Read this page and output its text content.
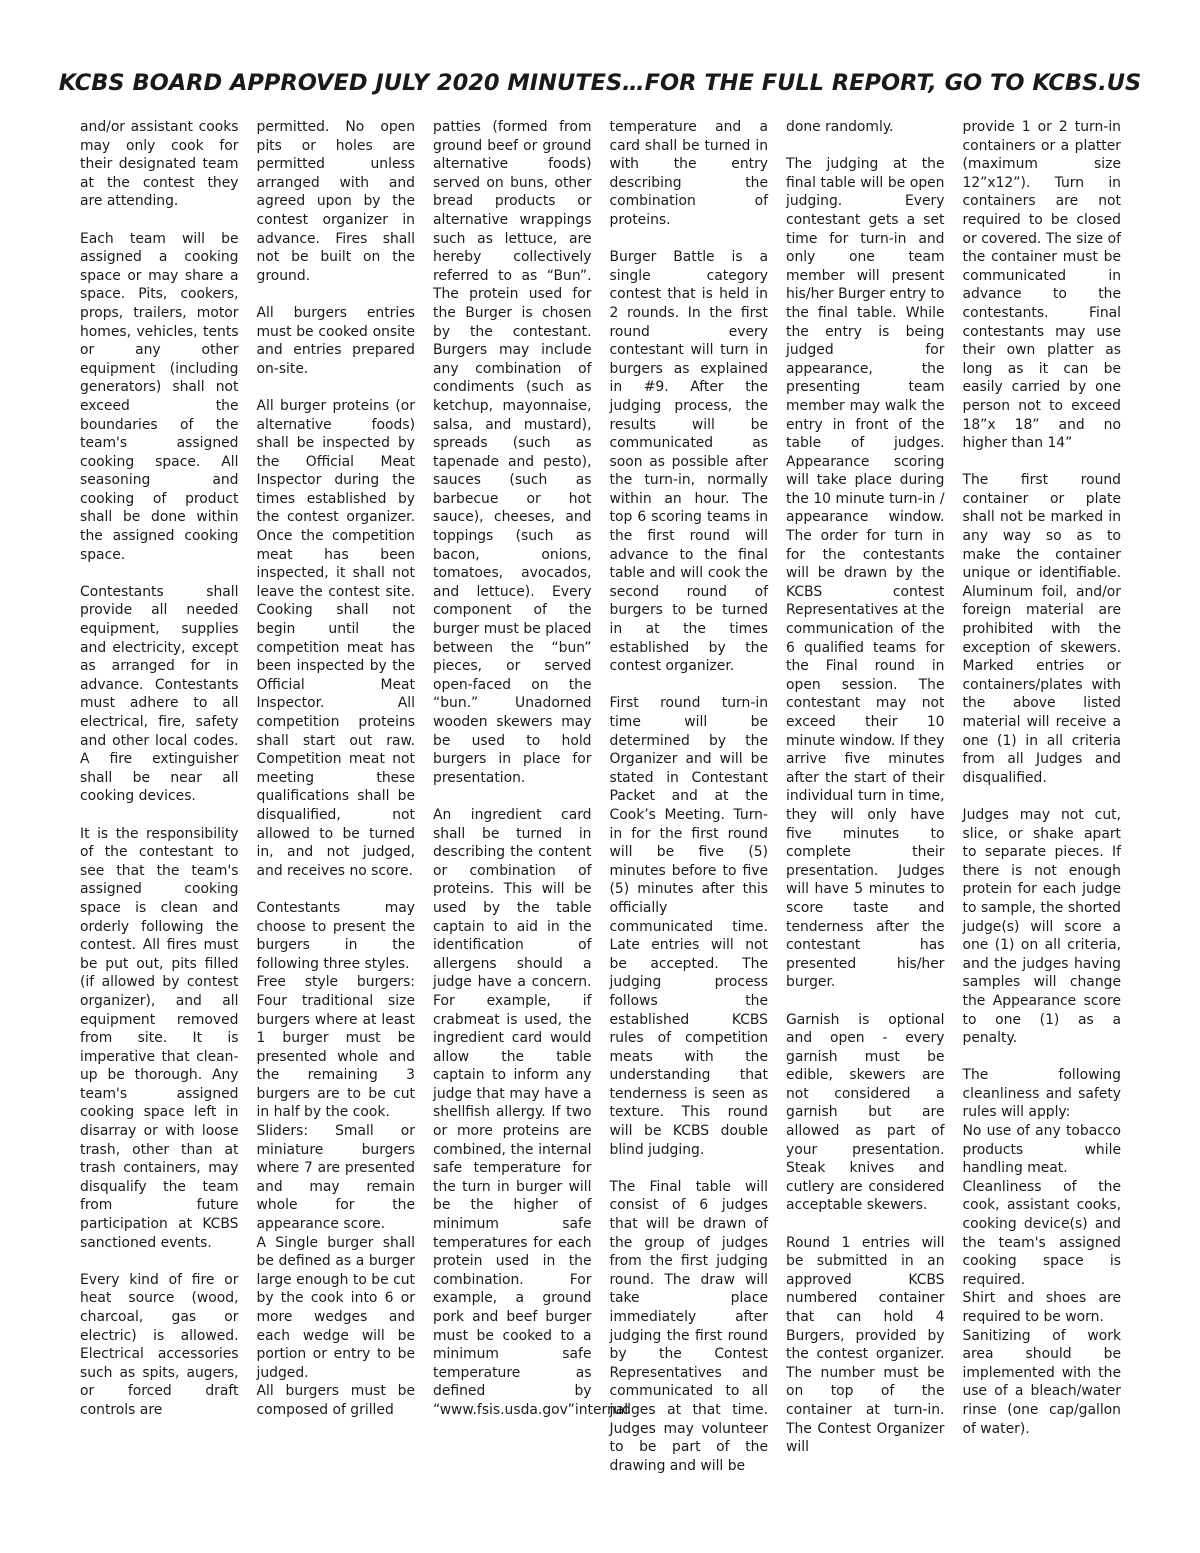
KCBS BOARD APPROVED JULY 2020 MINUTES…FOR THE FULL REPORT, GO TO KCBS.US

and/or assistant cooks may only cook for their designated team at the contest they are attending.

Each team will be assigned a cooking space or may share a space. Pits, cookers, props, trailers, motor homes, vehicles, tents or any other equipment (including generators) shall not exceed the boundaries of the team's assigned cooking space. All seasoning and cooking of product shall be done within the assigned cooking space.

Contestants shall provide all needed equipment, supplies and electricity, except as arranged for in advance. Contestants must adhere to all electrical, fire, safety and other local codes. A fire extinguisher shall be near all cooking devices.

It is the responsibility of the contestant to see that the team's assigned cooking space is clean and orderly following the contest. All fires must be put out, pits filled (if allowed by contest organizer), and all equipment removed from site. It is imperative that clean-up be thorough. Any team's assigned cooking space left in disarray or with loose trash, other than at trash containers, may disqualify the team from future participation at KCBS sanctioned events.

Every kind of fire or heat source (wood, charcoal, gas or electric) is allowed. Electrical accessories such as spits, augers, or forced draft controls are

permitted. No open pits or holes are permitted unless arranged with and agreed upon by the contest organizer in advance. Fires shall not be built on the ground.

All burgers entries must be cooked onsite and entries prepared on-site.

All burger proteins (or alternative foods) shall be inspected by the Official Meat Inspector during the times established by the contest organizer. Once the competition meat has been inspected, it shall not leave the contest site. Cooking shall not begin until the competition meat has been inspected by the Official Meat Inspector. All competition proteins shall start out raw. Competition meat not meeting these qualifications shall be disqualified, not allowed to be turned in, and not judged, and receives no score.

Contestants may choose to present the burgers in the following three styles.

Free style burgers: Four traditional size burgers where at least 1 burger must be presented whole and the remaining 3 burgers are to be cut in half by the cook.

Sliders: Small or miniature burgers where 7 are presented and may remain whole for the appearance score.

A Single burger shall be defined as a burger large enough to be cut by the cook into 6 or more wedges and each wedge will be portion or entry to be judged.

All burgers must be composed of grilled

patties (formed from ground beef or ground alternative foods) served on buns, other bread products or alternative wrappings such as lettuce, are hereby collectively referred to as “Bun”. The protein used for the Burger is chosen by the contestant. Burgers may include any combination of condiments (such as ketchup, mayonnaise, salsa, and mustard), spreads (such as tapenade and pesto), sauces (such as barbecue or hot sauce), cheeses, and toppings (such as bacon, onions, tomatoes, avocados, and lettuce). Every component of the burger must be placed between the “bun” pieces, or served open-faced on the “bun.” Unadorned wooden skewers may be used to hold burgers in place for presentation.

An ingredient card shall be turned in describing the content or combination of proteins. This will be used by the table captain to aid in the identification of allergens should a judge have a concern. For example, if crabmeat is used, the ingredient card would allow the table captain to inform any judge that may have a shellfish allergy. If two or more proteins are combined, the internal safe temperature for the turn in burger will be the higher of minimum safe temperatures for each protein used in the combination. For example, a ground pork and beef burger must be cooked to a minimum safe temperature as defined by “www.fsis.usda.gov”internal

temperature and a card shall be turned in with the entry describing the combination of proteins.

Burger Battle is a single category contest that is held in 2 rounds. In the first round every contestant will turn in burgers as explained in #9. After the judging process, the results will be communicated as soon as possible after the turn-in, normally within an hour. The top 6 scoring teams in the first round will advance to the final table and will cook the second round of burgers to be turned in at the times established by the contest organizer.

First round turn-in time will be determined by the Organizer and will be stated in Contestant Packet and at the Cook’s Meeting. Turn-in for the first round will be five (5) minutes before to five (5) minutes after this officially communicated time. Late entries will not be accepted. The judging process follows the established KCBS rules of competition meats with the understanding that tenderness is seen as texture. This round will be KCBS double blind judging.

The Final table will consist of 6 judges that will be drawn of the group of judges from the first judging round. The draw will take place immediately after judging the first round by the Contest Representatives and communicated to all judges at that time. Judges may volunteer to be part of the drawing and will be

done randomly.

The judging at the final table will be open judging. Every contestant gets a set time for turn-in and only one team member will present his/her Burger entry to the final table. While the entry is being judged for appearance, the presenting team member may walk the entry in front of the table of judges. Appearance scoring will take place during the 10 minute turn-in / appearance window. The order for turn in for the contestants will be drawn by the KCBS contest Representatives at the communication of the 6 qualified teams for the Final round in open session. The contestant may not exceed their 10 minute window. If they arrive five minutes after the start of their individual turn in time, they will only have five minutes to complete their presentation. Judges will have 5 minutes to score taste and tenderness after the contestant has presented his/her burger.

Garnish is optional and open - every garnish must be edible, skewers are not considered a garnish but are allowed as part of your presentation. Steak knives and cutlery are considered acceptable skewers.

Round 1 entries will be submitted in an approved KCBS numbered container that can hold 4 Burgers, provided by the contest organizer. The number must be on top of the container at turn-in. The Contest Organizer will

provide 1 or 2 turn-in containers or a platter (maximum size 12”x12”). Turn in containers are not required to be closed or covered. The size of the container must be communicated in advance to the contestants. Final contestants may use their own platter as long as it can be easily carried by one person not to exceed 18”x 18” and no higher than 14”

The first round container or plate shall not be marked in any way so as to make the container unique or identifiable. Aluminum foil, and/or foreign material are prohibited with the exception of skewers. Marked entries or containers/plates with the above listed material will receive a one (1) in all criteria from all Judges and disqualified.

Judges may not cut, slice, or shake apart to separate pieces. If there is not enough protein for each judge to sample, the shorted judge(s) will score a one (1) on all criteria, and the judges having samples will change the Appearance score to one (1) as a penalty.

The following cleanliness and safety rules will apply:

No use of any tobacco products while handling meat.

Cleanliness of the cook, assistant cooks, cooking device(s) and the team's assigned cooking space is required.

Shirt and shoes are required to be worn.

Sanitizing of work area should be implemented with the use of a bleach/water rinse (one cap/gallon of water).
